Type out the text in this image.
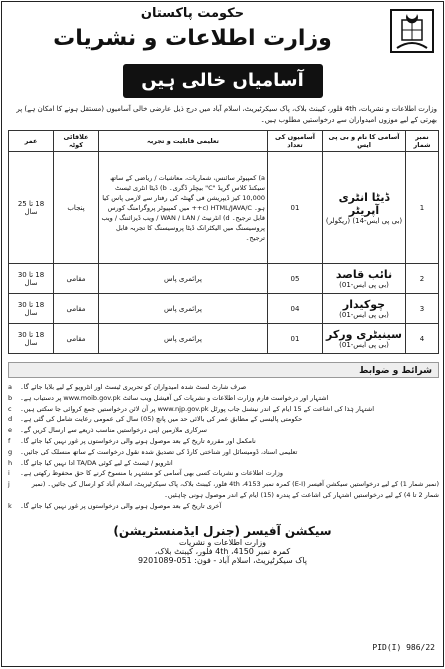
حکومت پاکستان
وزارت اطلاعات و نشریات
آسامیاں خالی ہیں
وزارت اطلاعات و نشریات، 4th فلور، کیبنٹ بلاک، پاک سیکرٹیریٹ، اسلام آباد میں درج ذیل عارضی خالی آسامیوں (مستقل ہونے کا امکان ہے) پر بھرتی کے لیے موزوں امیدواران سے درخواستیں مطلوب ہیں۔
نمبر شمار	آسامی کا نام و بی پی ایس	آسامیوں کی تعداد	تعلیمی قابلیت و تجربہ	علاقائی کوٹہ	عمر
1	ڈیٹا انٹری آپریٹر
(بی پی ایس-14) (ریگولر)	01	a) کمپیوٹر سائنس، شماریات، معاشیات / ریاضی کے ساتھ سیکنڈ کلاس گریڈ "C" بیچلر ڈگری۔ b) ڈیٹا انٹری ٹیسٹ 10,000 کیز ڈیپریشن فی گھنٹہ کی رفتار سے لازمی پاس کیا ہو۔ c) HTML/JAVA/C++ میں کمپیوٹر پروگرامنگ کورس قابل ترجیح۔ d) انٹرنیٹ / WAN / LAN / ویب ڈیزائننگ / ویب پروسیسنگ میں الیکٹرانک ڈیٹا پروسیسنگ کا تجربہ قابل ترجیح۔	پنجاب	18 تا 25 سال
2	نائب قاصد
(بی پی ایس-01)	05	پرائمری پاس	مقامی	18 تا 30 سال
3	چوکیدار
(بی پی ایس-01)	04	پرائمری پاس	مقامی	18 تا 30 سال
4	سینیٹری ورکر
(بی پی ایس-01)	01	پرائمری پاس	مقامی	18 تا 30 سال
شرائط و ضوابط
a	صرف شارٹ لسٹ شدہ امیدواران کو تحریری ٹیسٹ اور انٹرویو کے لیے بلایا جائے گا۔
b	اشتہار اور درخواست فارم وزارت اطلاعات و نشریات کی آفیشل ویب سائٹ www.moib.gov.pk پر دستیاب ہے۔
c	اشتہار ہٰذا کی اشاعت کے 15 ایام کے اندر نیشنل جاب پورٹل www.njp.gov.pk پر آن لائن درخواستیں جمع کروائی جا سکتی ہیں۔
d	حکومتی پالیسی کے مطابق عمر کی بالائی حد میں پانچ (05) سال کی عمومی رعایت شامل کی گئی ہے۔
e	سرکاری ملازمین اپنی درخواستیں مناسب ذریعے سے ارسال کریں گے۔
f	نامکمل اور مقررہ تاریخ کے بعد موصول ہونے والی درخواستوں پر غور نہیں کیا جائے گا۔
g	تعلیمی اسناد، ڈومیسائل اور شناختی کارڈ کی تصدیق شدہ نقول درخواست کے ساتھ منسلک کی جائیں۔
h	انٹرویو / ٹیسٹ کے لیے کوئی TA/DA ادا نہیں کیا جائے گا۔
i	وزارت اطلاعات و نشریات کسی بھی آسامی کو مشتہر یا منسوخ کرنے کا حق محفوظ رکھتی ہے۔
j	(نمبر شمار 1) کے لیے درخواستیں سیکشن آفیسر (E-I) کمرہ نمبر 4153، 4th فلور، کیبنٹ بلاک، پاک سیکرٹیریٹ، اسلام آباد کو ارسال کی جائیں۔ (نمبر شمار 2 تا 4) کے لیے درخواستیں اشتہار کی اشاعت کے پندرہ (15) ایام کے اندر موصول ہونی چاہئیں۔
k	آخری تاریخ کے بعد موصول ہونے والی درخواستوں پر غور نہیں کیا جائے گا۔
سیکشن آفیسر (جنرل ایڈمنسٹریشن)
وزارت اطلاعات و نشریات
کمرہ نمبر 4150، 4th فلور، کیبنٹ بلاک،
پاک سیکرٹیریٹ، اسلام آباد - فون: 051-9201089
PID(I) 986/22
